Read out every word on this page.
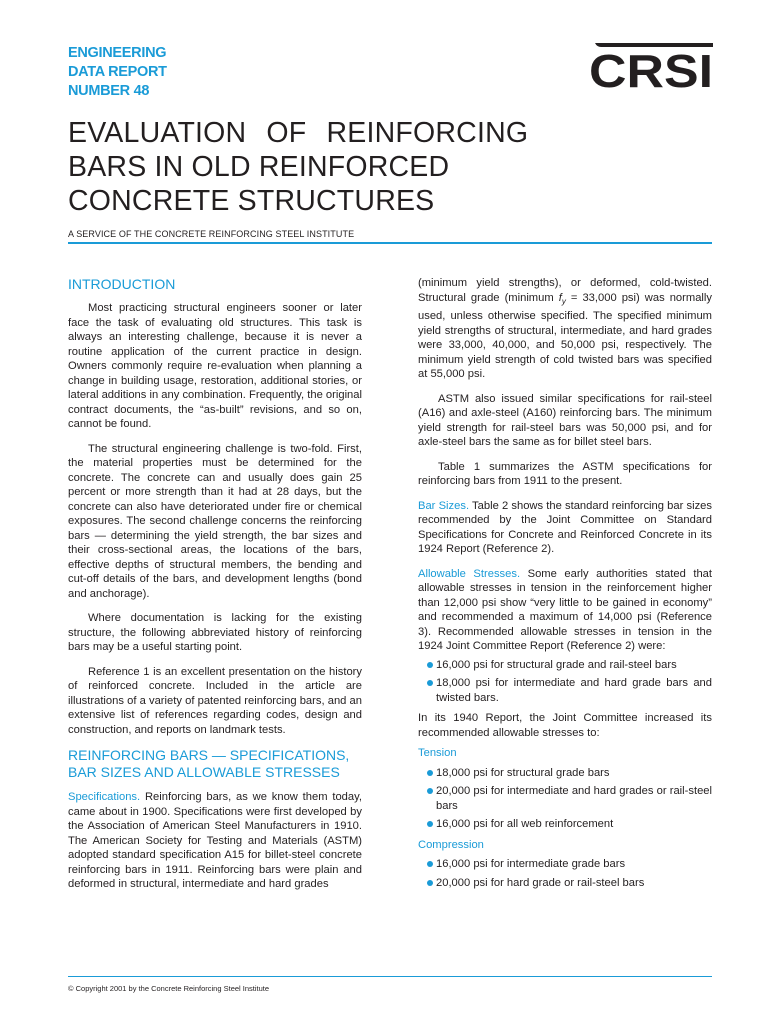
ENGINEERING
DATA REPORT
NUMBER 48	CRSI
EVALUATION OF REINFORCING
BARS IN OLD REINFORCED
CONCRETE STRUCTURES
A SERVICE OF THE CONCRETE REINFORCING STEEL INSTITUTE
INTRODUCTION

Most practicing structural engineers sooner or later face the task of evaluating old structures. This task is always an interesting challenge, because it is never a routine application of the current practice in design. Owners commonly require re-evaluation when planning a change in building usage, restoration, additional stories, or lateral additions in any combination. Frequently, the original contract documents, the “as-built” revisions, and so on, cannot be found.

The structural engineering challenge is two-fold. First, the material properties must be determined for the concrete. The concrete can and usually does gain 25 percent or more strength than it had at 28 days, but the concrete can also have deteriorated under fire or chemical exposures. The second challenge concerns the reinforcing bars — determining the yield strength, the bar sizes and their cross-sectional areas, the locations of the bars, effective depths of structural members, the bending and cut-off details of the bars, and development lengths (bond and anchorage).

Where documentation is lacking for the existing structure, the following abbreviated history of reinforcing bars may be a useful starting point.

Reference 1 is an excellent presentation on the history of reinforced concrete. Included in the article are illustrations of a variety of patented reinforcing bars, and an extensive list of references regarding codes, design and construction, and reports on landmark tests.

REINFORCING BARS — SPECIFICATIONS, BAR SIZES AND ALLOWABLE STRESSES

Specifications. Reinforcing bars, as we know them today, came about in 1900. Specifications were first developed by the Association of American Steel Manufacturers in 1910. The American Society for Testing and Materials (ASTM) adopted standard specification A15 for billet-steel concrete reinforcing bars in 1911. Reinforcing bars were plain and deformed in structural, intermediate and hard grades

(minimum yield strengths), or deformed, cold-twisted. Structural grade (minimum $f_y = 33,000$ psi) was normally used, unless otherwise specified. The specified minimum yield strengths of structural, intermediate, and hard grades were 33,000, 40,000, and 50,000 psi, respectively. The minimum yield strength of cold twisted bars was specified at 55,000 psi.

ASTM also issued similar specifications for rail-steel (A16) and axle-steel (A160) reinforcing bars. The minimum yield strength for rail-steel bars was 50,000 psi, and for axle-steel bars the same as for billet steel bars.

Table 1 summarizes the ASTM specifications for reinforcing bars from 1911 to the present.

Bar Sizes. Table 2 shows the standard reinforcing bar sizes recommended by the Joint Committee on Standard Specifications for Concrete and Reinforced Concrete in its 1924 Report (Reference 2).

Allowable Stresses. Some early authorities stated that allowable stresses in tension in the reinforcement higher than 12,000 psi show “very little to be gained in economy” and recommended a maximum of 14,000 psi (Reference 3). Recommended allowable stresses in tension in the 1924 Joint Committee Report (Reference 2) were:

16,000 psi for structural grade and rail-steel bars
18,000 psi for intermediate and hard grade bars and twisted bars.

In its 1940 Report, the Joint Committee increased its recommended allowable stresses to:

Tension
18,000 psi for structural grade bars
20,000 psi for intermediate and hard grades or rail-steel bars
16,000 psi for all web reinforcement
Compression
16,000 psi for intermediate grade bars
20,000 psi for hard grade or rail-steel bars
© Copyright 2001 by the Concrete Reinforcing Steel Institute
